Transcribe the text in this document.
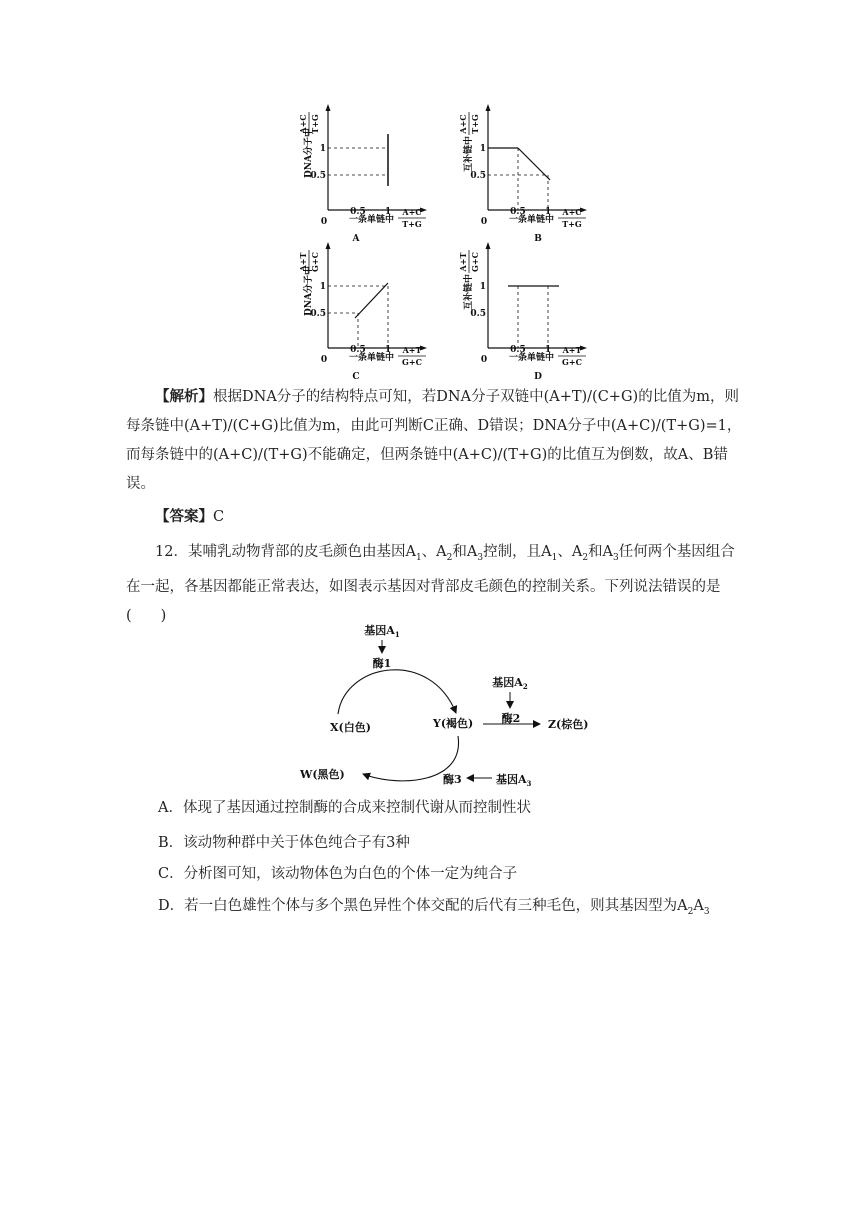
1
0.5
0
0.5 1
一条单链中
A+C
T+G
DNA分子中
A+C T+G
A
1
0.5
0
0.5 1
一条单链中
A+C
T+G
互补链中
A+C T+G
B
1
0.5
0
0.5 1
一条单链中
A+T
G+C
DNA分子中
A+T G+C
C
1
0.5
0
0.5 1
一条单链中
A+T
G+C
互补链中
A+T G+C
D
【解析】根据DNA分子的结构特点可知，若DNA分子双链中(A+T)/(C+G)的比值为m，则每条链中(A+T)/(C+G)比值为m，由此可判断C正确、D错误；DNA分子中(A+C)/(T+G)=1，而每条链中的(A+C)/(T+G)不能确定，但两条链中(A+C)/(T+G)的比值互为倒数，故A、B错误。
【答案】C
12．某哺乳动物背部的皮毛颜色由基因$A_1$、$A_2$和$A_3$控制，且$A_1$、$A_2$和$A_3$任何两个基因组合在一起，各基因都能正常表达，如图表示基因对背部皮毛颜色的控制关系。下列说法错误的是(　　)
基因$A_1$
酶1
X(白色)	Y(褐色)
基因$A_2$
酶2	Z(棕色)
W(黑色)	酶3	基因$A_3$
A．体现了基因通过控制酶的合成来控制代谢从而控制性状
B．该动物种群中关于体色纯合子有3种
C．分析图可知，该动物体色为白色的个体一定为纯合子
D．若一白色雄性个体与多个黑色异性个体交配的后代有三种毛色，则其基因型为$A_2A_3$
